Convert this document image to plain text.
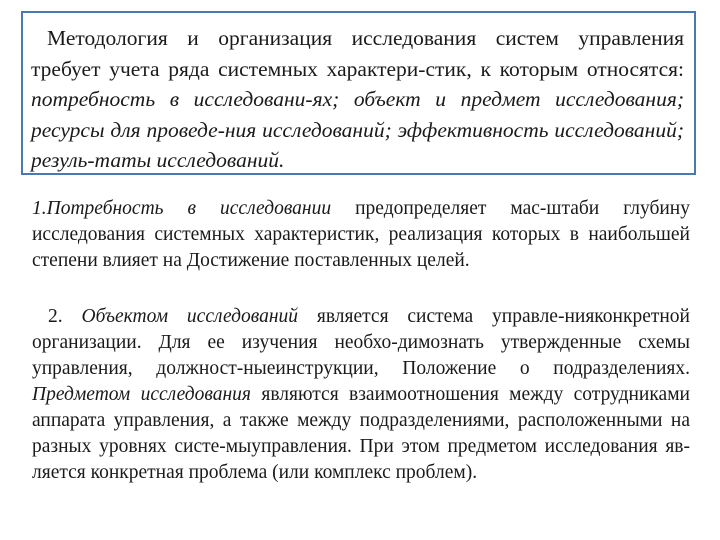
Методология и организация исследования систем управления требует учета ряда системных характери-стик, к которым относятся: потребность в исследовани-ях; объект и предмет исследования; ресурсы для проведе-ния исследований; эффективность исследований; резуль-таты исследований.
1.Потребность в исследовании предопределяет мас-штаби глубину исследования системных характеристик, реализация которых в наибольшей степени влияет на Достижение поставленных целей.
2. Объектом исследований является система управле-нияконкретной организации. Для ее изучения необхо-димознать утвержденные схемы управления, должност-ныеинструкции, Положение о подразделениях. Предметом исследования являются взаимоотношения между сотрудниками аппарата управления, а также между подразделениями, расположенными на разных уровнях систе-мыуправления. При этом предметом исследования яв-ляется конкретная проблема (или комплекс проблем).
